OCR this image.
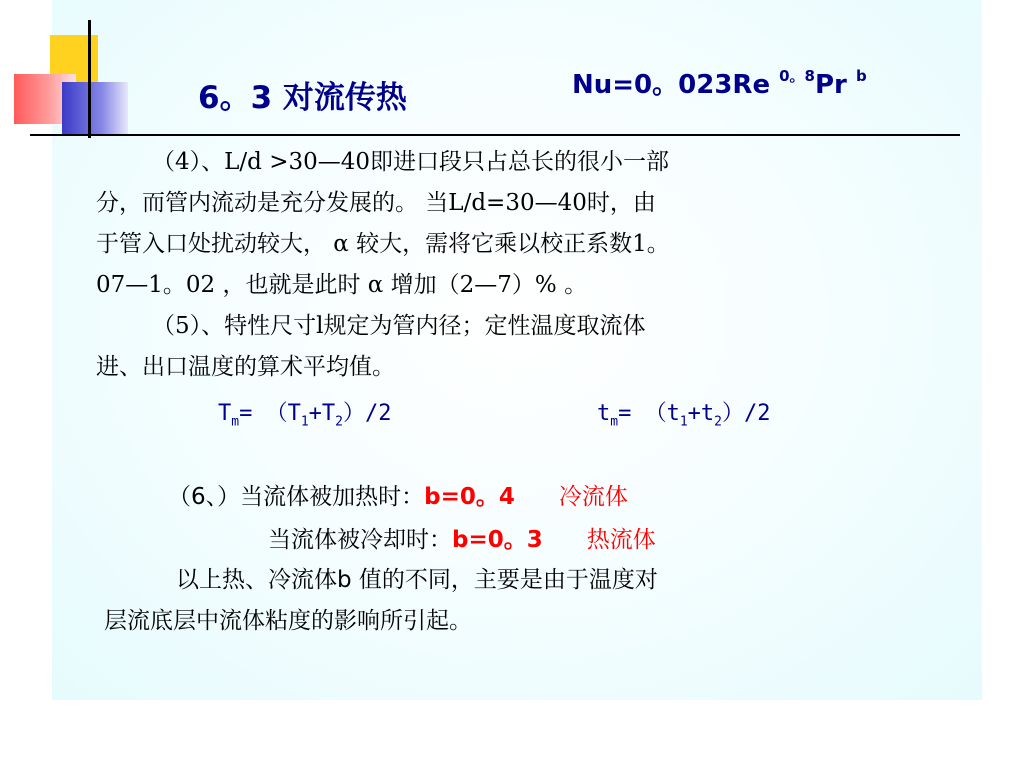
6。3 对流传热	Nu=0。023Re $^{0。8}$Pr $^b$
（4）、L/d >30—40即进口段只占总长的很小一部
分，而管内流动是充分发展的。 当L/d=30—40时，由
于管入口处扰动较大， α 较大，需将它乘以校正系数1。
07—1。02 ，也就是此时 α 增加（2—7）% 。
（5）、特性尺寸l规定为管内径；定性温度取流体
进、出口温度的算术平均值。
$T_m= (T_1+T_2)/2$	$t_m= (t_1+t_2)/2$
（6、）当流体被加热时：b=0。4 冷流体
当流体被冷却时：b=0。3 热流体
以上热、冷流体b 值的不同，主要是由于温度对
层流底层中流体粘度的影响所引起。
